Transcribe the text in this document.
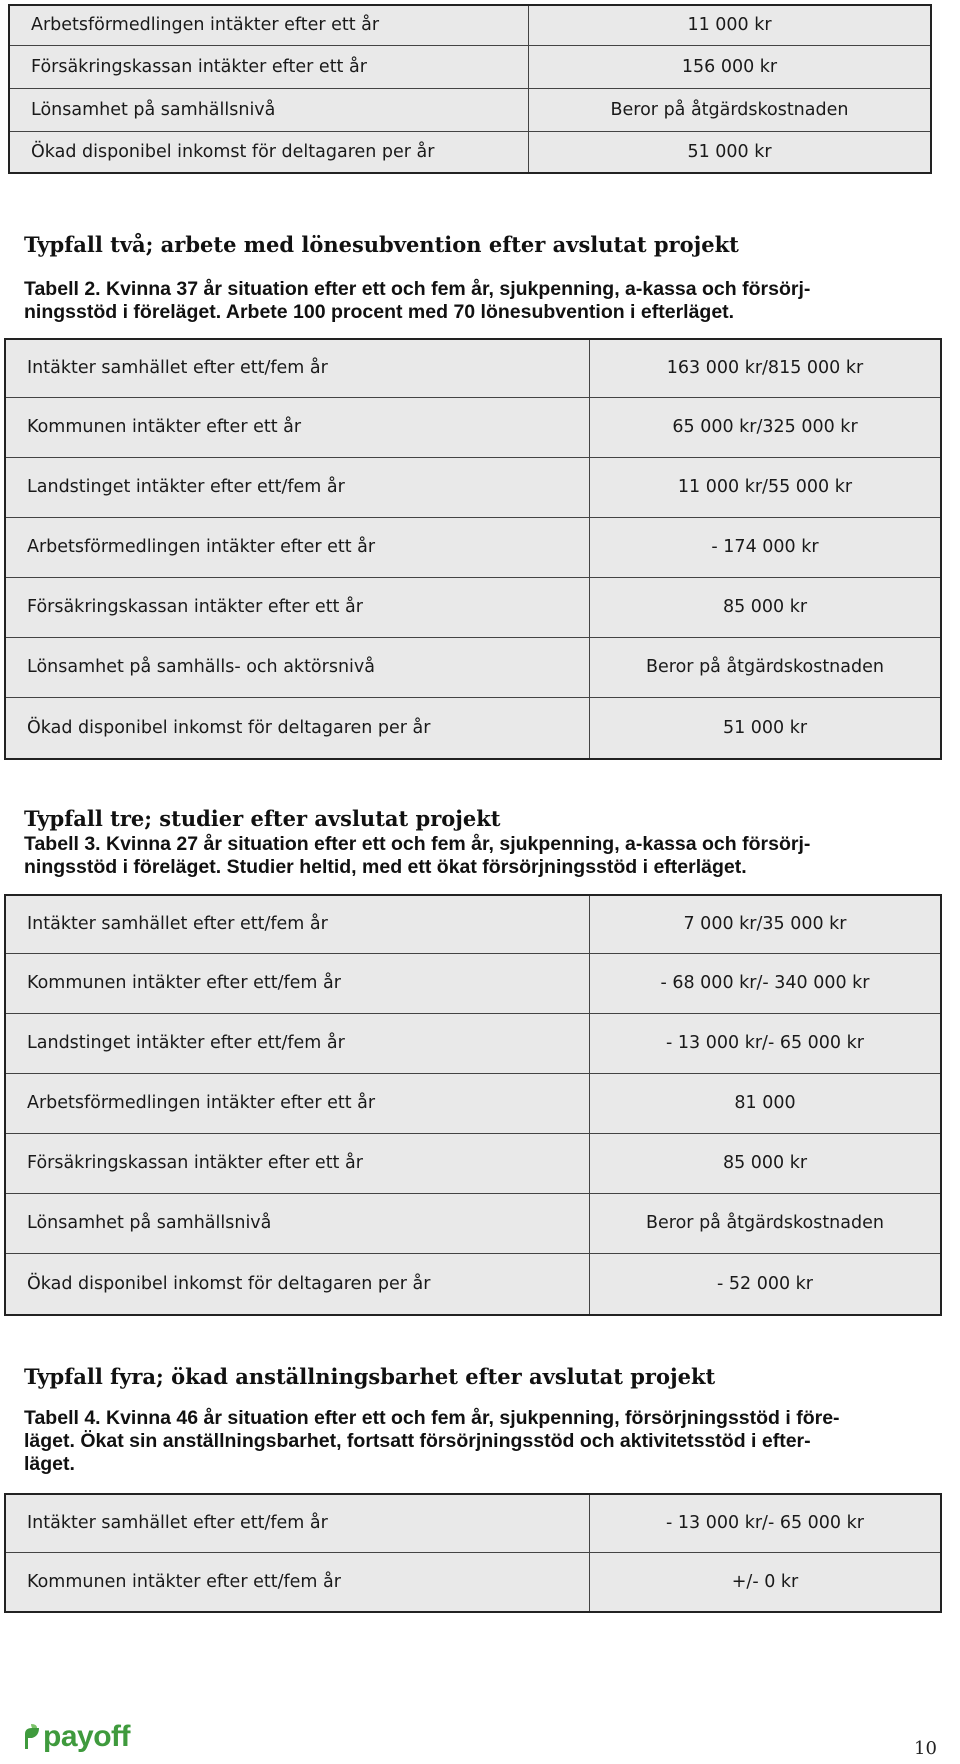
Arbetsförmedlingen intäkter efter ett år	11 000 kr
Försäkringskassan intäkter efter ett år	156 000 kr
Lönsamhet på samhällsnivå	Beror på åtgärdskostnaden
Ökad disponibel inkomst för deltagaren per år	51 000 kr
Typfall två; arbete med lönesubvention efter avslutat projekt
Tabell 2. Kvinna 37 år situation efter ett och fem år, sjukpenning, a-kassa och försörj-
ningsstöd i föreläget. Arbete 100 procent med 70 lönesubvention i efterläget.
Intäkter samhället efter ett/fem år	163 000 kr/815 000 kr
Kommunen intäkter efter ett år	65 000 kr/325 000 kr
Landstinget intäkter efter ett/fem år	11 000 kr/55 000 kr
Arbetsförmedlingen intäkter efter ett år	- 174 000 kr
Försäkringskassan intäkter efter ett år	85 000 kr
Lönsamhet på samhälls- och aktörsnivå	Beror på åtgärdskostnaden
Ökad disponibel inkomst för deltagaren per år	51 000 kr
Typfall tre; studier efter avslutat projekt
Tabell 3. Kvinna 27 år situation efter ett och fem år, sjukpenning, a-kassa och försörj-
ningsstöd i föreläget. Studier heltid, med ett ökat försörjningsstöd i efterläget.
Intäkter samhället efter ett/fem år	7 000 kr/35 000 kr
Kommunen intäkter efter ett/fem år	- 68 000 kr/- 340 000 kr
Landstinget intäkter efter ett/fem år	- 13 000 kr/- 65 000 kr
Arbetsförmedlingen intäkter efter ett år	81 000
Försäkringskassan intäkter efter ett år	85 000 kr
Lönsamhet på samhällsnivå	Beror på åtgärdskostnaden
Ökad disponibel inkomst för deltagaren per år	- 52 000 kr
Typfall fyra; ökad anställningsbarhet efter avslutat projekt
Tabell 4. Kvinna 46 år situation efter ett och fem år, sjukpenning, försörjningsstöd i före-
läget. Ökat sin anställningsbarhet, fortsatt försörjningsstöd och aktivitetsstöd i efter-
läget.
Intäkter samhället efter ett/fem år	- 13 000 kr/- 65 000 kr
Kommunen intäkter efter ett/fem år	+/- 0 kr
payoff	10
